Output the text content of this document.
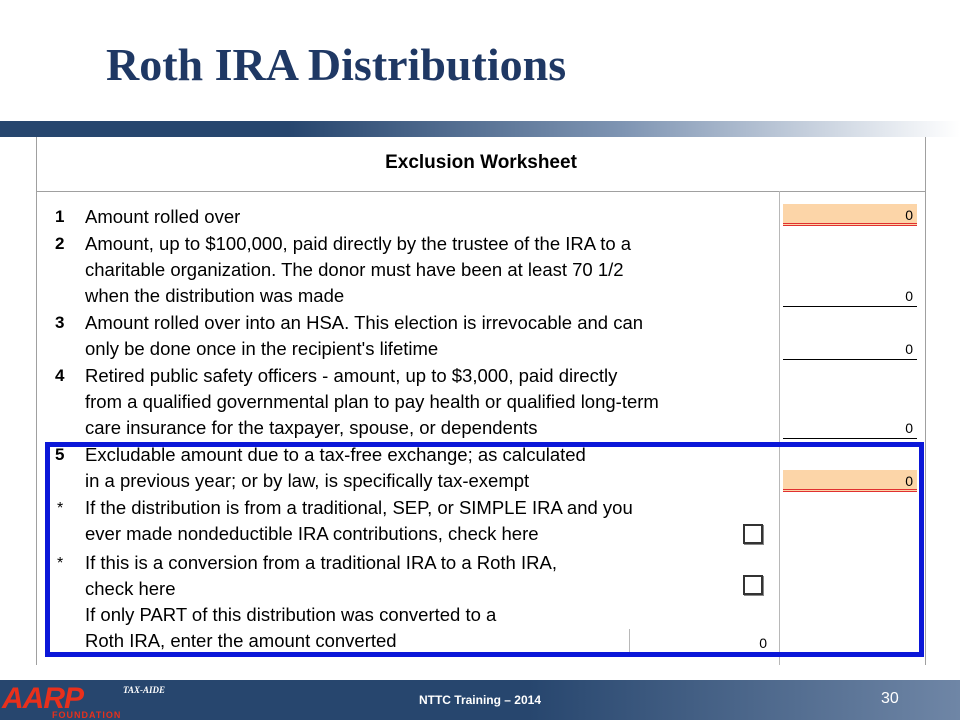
Roth IRA Distributions
Exclusion Worksheet
1 Amount rolled over	0
2 Amount, up to $100,000, paid directly by the trustee of the IRA to a
charitable organization. The donor must have been at least 70 1/2
when the distribution was made	0
3 Amount rolled over into an HSA. This election is irrevocable and can
only be done once in the recipient's lifetime	0
4 Retired public safety officers - amount, up to $3,000, paid directly
from a qualified governmental plan to pay health or qualified long-term
care insurance for the taxpayer, spouse, or dependents	0
5 Excludable amount due to a tax-free exchange; as calculated
in a previous year; or by law, is specifically tax-exempt	0
* If the distribution is from a traditional, SEP, or SIMPLE IRA and you
ever made nondeductible IRA contributions, check here
* If this is a conversion from a traditional IRA to a Roth IRA,
check here
If only PART of this distribution was converted to a
Roth IRA, enter the amount converted	0
AARP	TAX-AIDE
FOUNDATION
NTTC Training – 2014	30
